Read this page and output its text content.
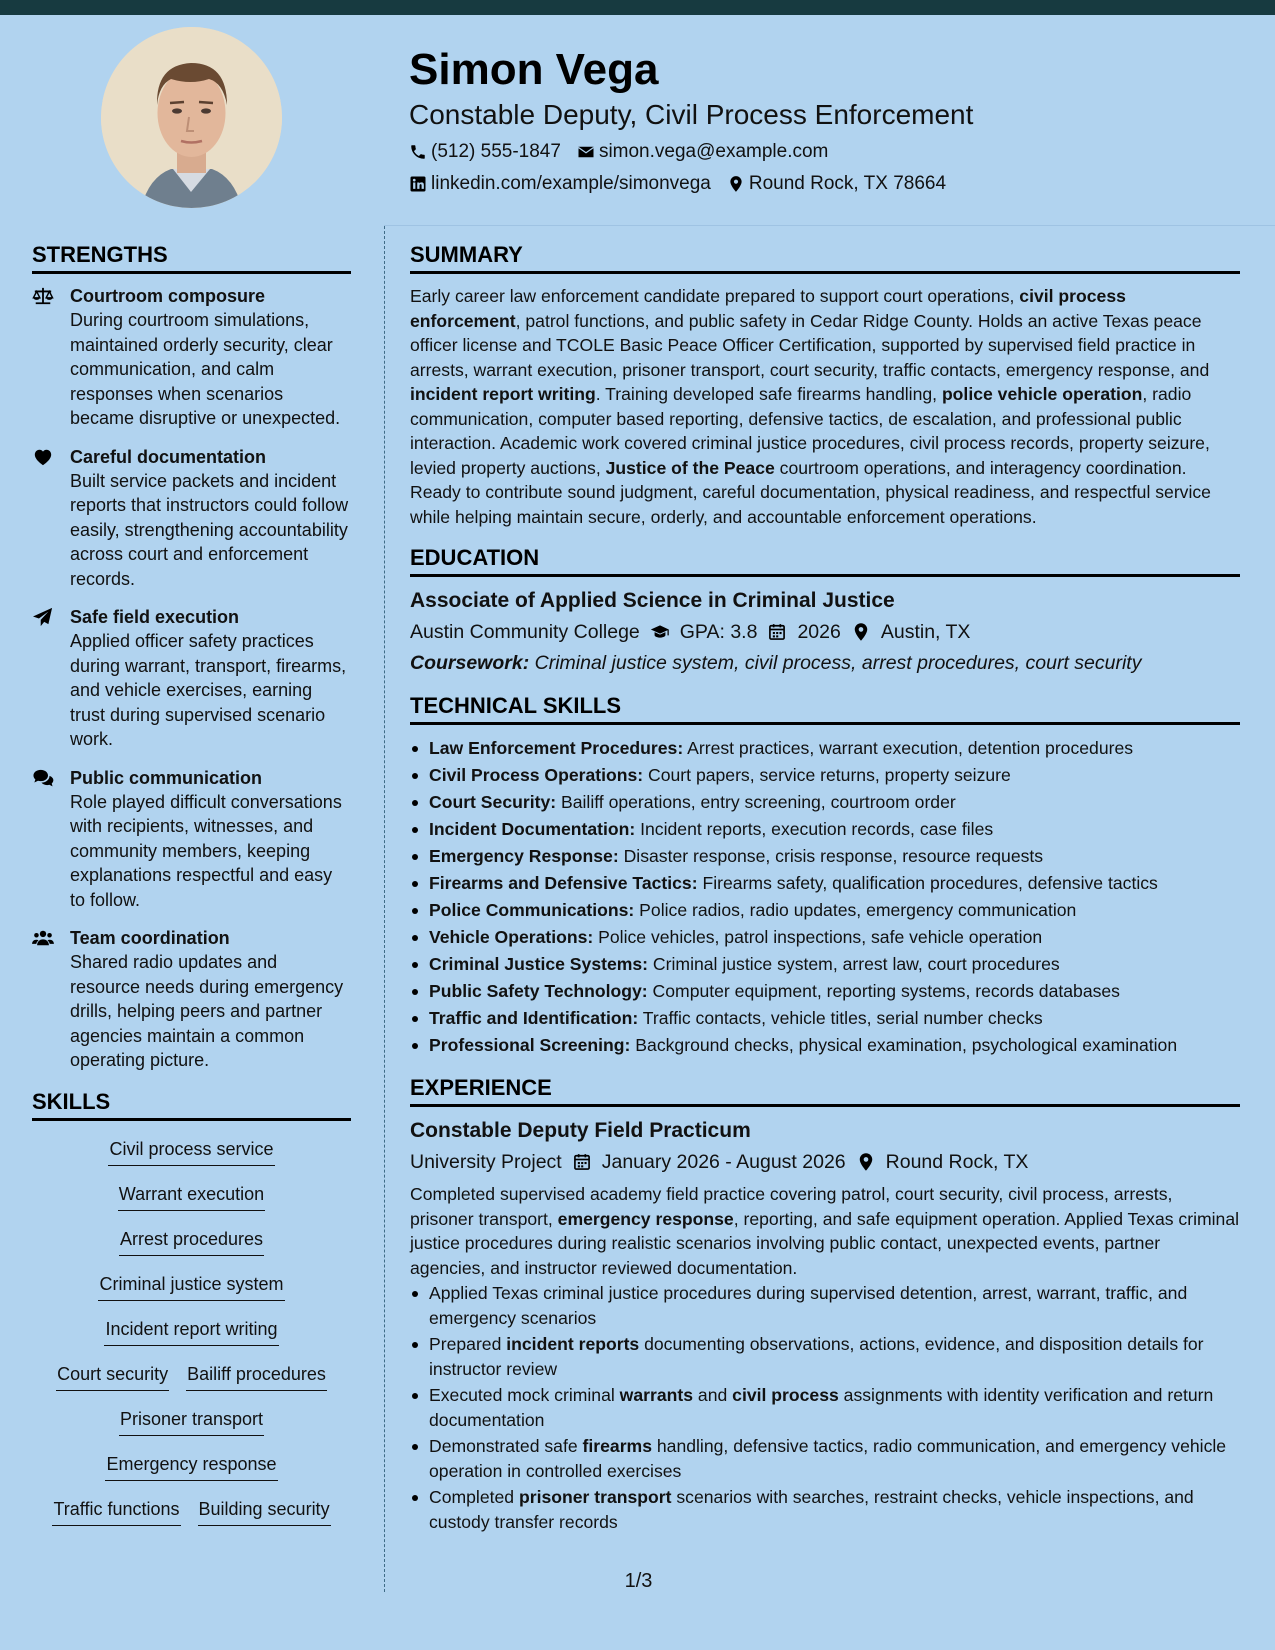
Simon Vega
Constable Deputy, Civil Process Enforcement
(512) 555-1847 simon.vega@example.com
linkedin.com/example/simonvega Round Rock, TX 78664
STRENGTHS
Courtroom composure
During courtroom simulations, maintained orderly security, clear communication, and calm responses when scenarios became disruptive or unexpected.
Careful documentation
Built service packets and incident reports that instructors could follow easily, strengthening accountability across court and enforcement records.
Safe field execution
Applied officer safety practices during warrant, transport, firearms, and vehicle exercises, earning trust during supervised scenario work.
Public communication
Role played difficult conversations with recipients, witnesses, and community members, keeping explanations respectful and easy to follow.
Team coordination
Shared radio updates and resource needs during emergency drills, helping peers and partner agencies maintain a common operating picture.
SKILLS
Civil process service
Warrant execution
Arrest procedures
Criminal justice system
Incident report writing
Court security Bailiff procedures
Prisoner transport
Emergency response
Traffic functions Building security
SUMMARY

Early career law enforcement candidate prepared to support court operations, civil process enforcement, patrol functions, and public safety in Cedar Ridge County. Holds an active Texas peace officer license and TCOLE Basic Peace Officer Certification, supported by supervised field practice in arrests, warrant execution, prisoner transport, court security, traffic contacts, emergency response, and incident report writing. Training developed safe firearms handling, police vehicle operation, radio communication, computer based reporting, defensive tactics, de escalation, and professional public interaction. Academic work covered criminal justice procedures, civil process records, property seizure, levied property auctions, Justice of the Peace courtroom operations, and interagency coordination. Ready to contribute sound judgment, careful documentation, physical readiness, and respectful service while helping maintain secure, orderly, and accountable enforcement operations.

EDUCATION
Associate of Applied Science in Criminal Justice
Austin Community College GPA: 3.8 2026 Austin, TX
Coursework: Criminal justice system, civil process, arrest procedures, court security
TECHNICAL SKILLS
Law Enforcement Procedures: Arrest practices, warrant execution, detention procedures
Civil Process Operations: Court papers, service returns, property seizure
Court Security: Bailiff operations, entry screening, courtroom order
Incident Documentation: Incident reports, execution records, case files
Emergency Response: Disaster response, crisis response, resource requests
Firearms and Defensive Tactics: Firearms safety, qualification procedures, defensive tactics
Police Communications: Police radios, radio updates, emergency communication
Vehicle Operations: Police vehicles, patrol inspections, safe vehicle operation
Criminal Justice Systems: Criminal justice system, arrest law, court procedures
Public Safety Technology: Computer equipment, reporting systems, records databases
Traffic and Identification: Traffic contacts, vehicle titles, serial number checks
Professional Screening: Background checks, physical examination, psychological examination
EXPERIENCE
Constable Deputy Field Practicum
University Project January 2026 - August 2026 Round Rock, TX

Completed supervised academy field practice covering patrol, court security, civil process, arrests, prisoner transport, emergency response, reporting, and safe equipment operation. Applied Texas criminal justice procedures during realistic scenarios involving public contact, unexpected events, partner agencies, and instructor reviewed documentation.

Applied Texas criminal justice procedures during supervised detention, arrest, warrant, traffic, and emergency scenarios
Prepared incident reports documenting observations, actions, evidence, and disposition details for instructor review
Executed mock criminal warrants and civil process assignments with identity verification and return documentation
Demonstrated safe firearms handling, defensive tactics, radio communication, and emergency vehicle operation in controlled exercises
Completed prisoner transport scenarios with searches, restraint checks, vehicle inspections, and custody transfer records
1/3
